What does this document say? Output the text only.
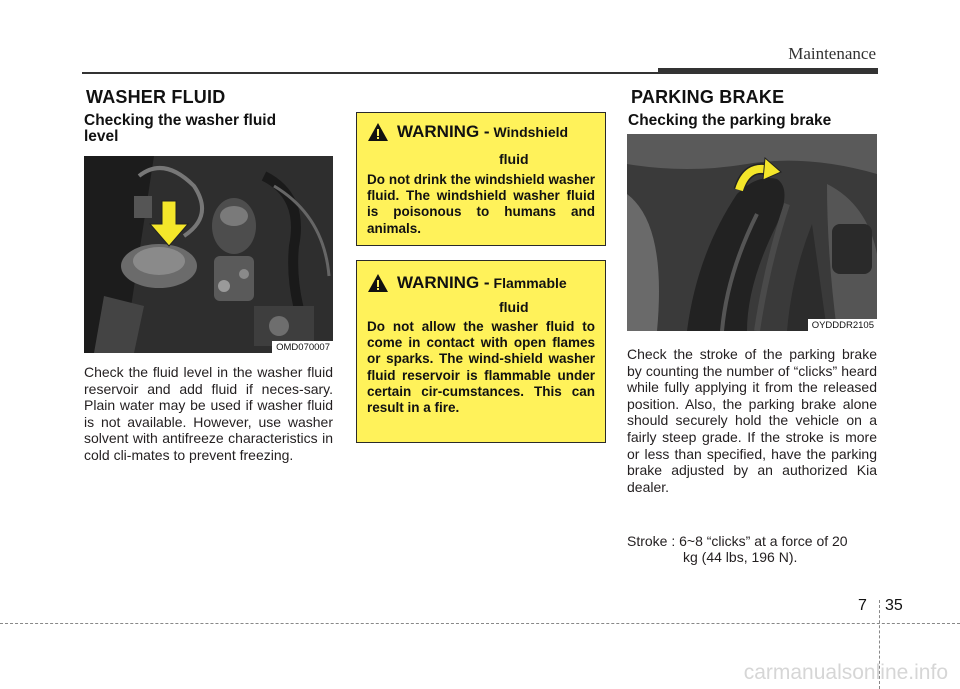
Maintenance
WASHER FLUID
Checking the washer fluid level
OMD070007
Check the fluid level in the washer fluid reservoir and add fluid if neces-sary. Plain water may be used if washer fluid is not available. However, use washer solvent with antifreeze characteristics in cold cli-mates to prevent freezing.
WARNING - Windshield
fluid
Do not drink the windshield washer fluid. The windshield washer fluid is poisonous to humans and animals.
WARNING - Flammable
fluid
Do not allow the washer fluid to come in contact with open flames or sparks. The wind-shield washer fluid reservoir is flammable under certain cir-cumstances. This can result in a fire.
PARKING BRAKE
Checking the parking brake
OYDDDR2105
Check the stroke of the parking brake by counting the number of “clicks” heard while fully applying it from the released position. Also, the parking brake alone should securely hold the vehicle on a fairly steep grade. If the stroke is more or less than specified, have the parking brake adjusted by an authorized Kia dealer.
Stroke : 6~8 “clicks” at a force of 20
kg (44 lbs, 196 N).
7 35
carmanualsonline.info
